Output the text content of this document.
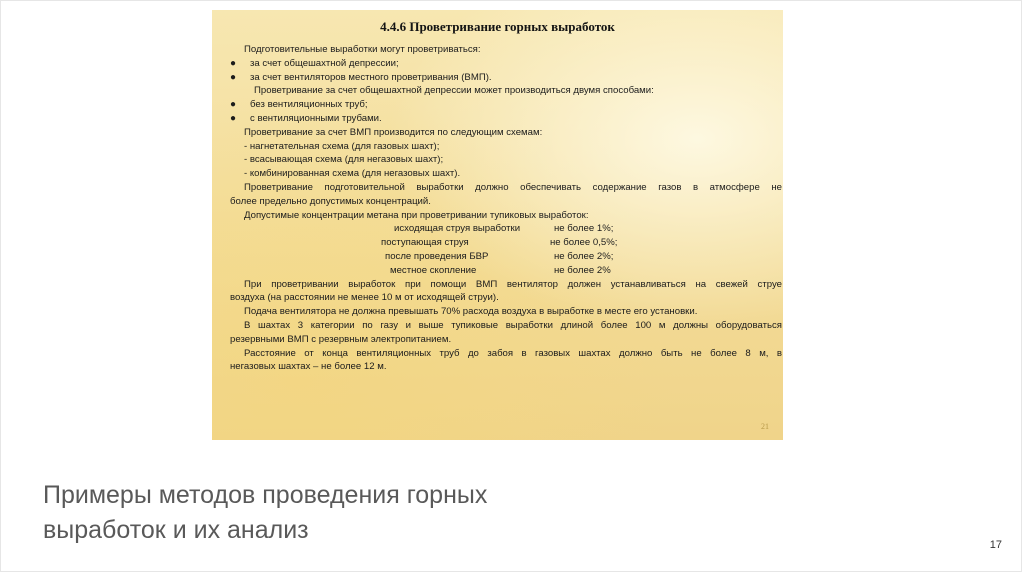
4.4.6 Проветривание горных выработок
Подготовительные выработки могут проветриваться:
● за счет общешахтной депрессии;
● за счет вентиляторов местного проветривания (ВМП).
Проветривание за счет общешахтной депрессии может производиться двумя способами:
● без вентиляционных труб;
● с вентиляционными трубами.
Проветривание за счет ВМП производится по следующим схемам:
- нагнетательная схема (для газовых шахт);
- всасывающая схема (для негазовых шахт);
- комбинированная схема (для негазовых шахт).
Проветривание подготовительной выработки должно обеспечивать содержание газов в атмосфере не
более предельно допустимых концентраций.
Допустимые концентрации метана при проветривании тупиковых выработок:
исходящая струя выработки	не более 1%;
поступающая струя	не более 0,5%;
после проведения БВР	не более 2%;
местное скопление	не более 2%
При проветривании выработок при помощи ВМП вентилятор должен устанавливаться на свежей струе
воздуха (на расстоянии не менее 10 м от исходящей струи).
Подача вентилятора не должна превышать 70% расхода воздуха в выработке в месте его установки.
В шахтах 3 категории по газу и выше тупиковые выработки длиной более 100 м должны оборудоваться
резервными ВМП с резервным электропитанием.
Расстояние от конца вентиляционных труб до забоя в газовых шахтах должно быть не более 8 м, в
негазовых шахтах – не более 12 м.
21
Примеры методов проведения горных
выработок и их анализ
17
